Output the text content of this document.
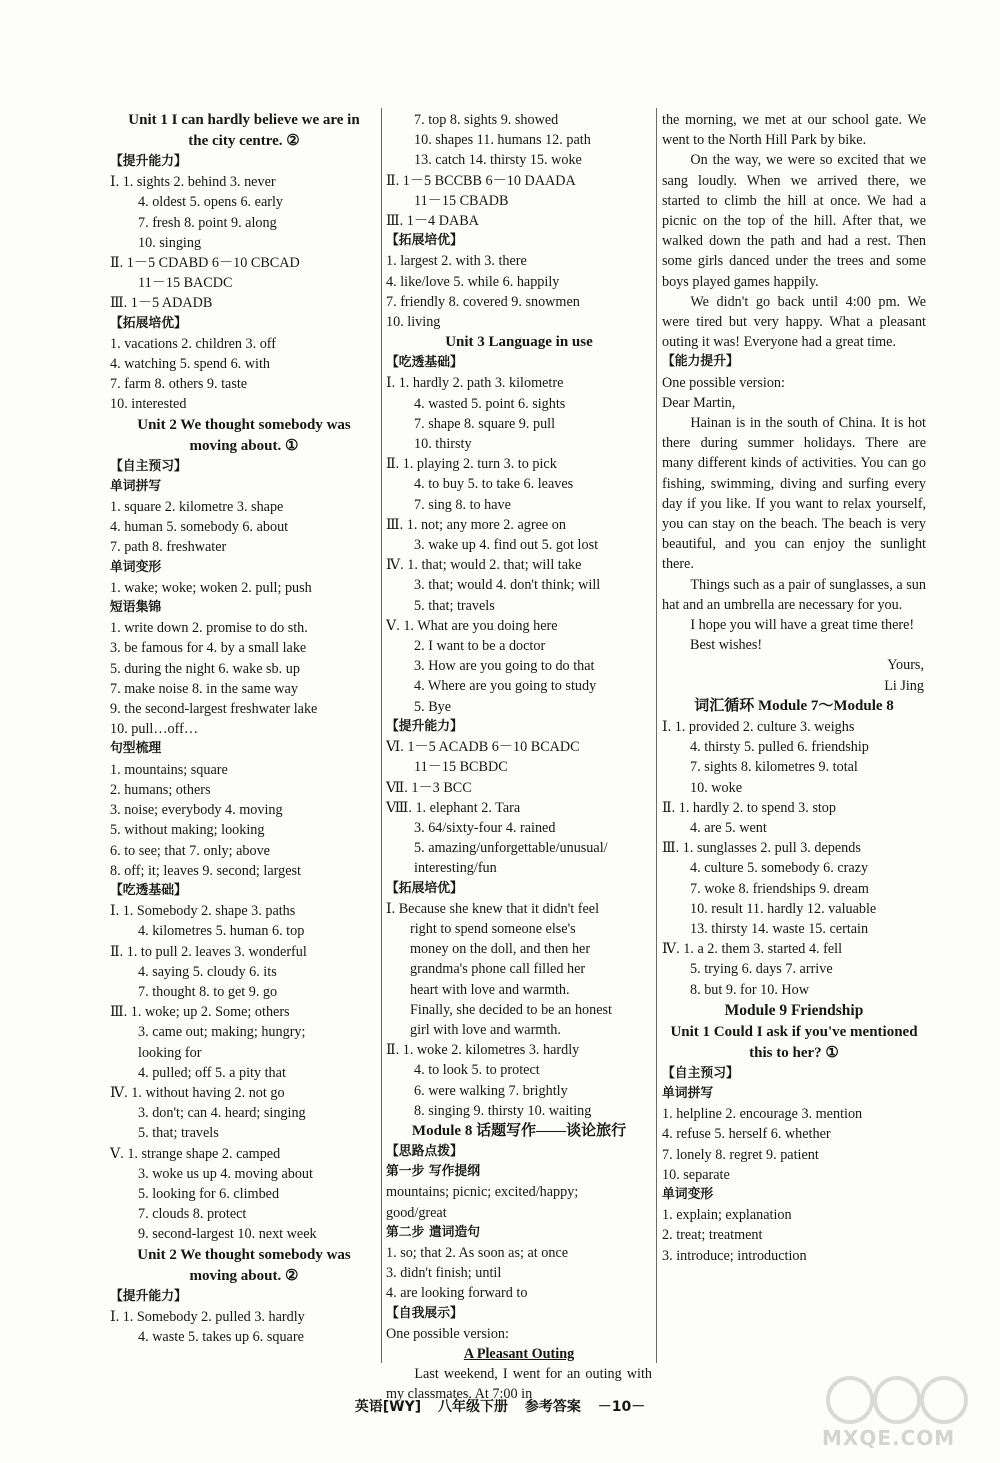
Unit 1 I can hardly believe we are in
the city centre. ②
【提升能力】
Ⅰ. 1. sights 2. behind 3. never
4. oldest 5. opens 6. early
7. fresh 8. point 9. along
10. singing
Ⅱ. 1－5 CDABD 6－10 CBCAD
11－15 BACDC
Ⅲ. 1－5 ADADB
【拓展培优】
1. vacations 2. children 3. off
4. watching 5. spend 6. with
7. farm 8. others 9. taste
10. interested
Unit 2 We thought somebody was
moving about. ①
【自主预习】
单词拼写
1. square 2. kilometre 3. shape
4. human 5. somebody 6. about
7. path 8. freshwater
单词变形
1. wake; woke; woken 2. pull; push
短语集锦
1. write down 2. promise to do sth.
3. be famous for 4. by a small lake
5. during the night 6. wake sb. up
7. make noise 8. in the same way
9. the second-largest freshwater lake
10. pull…off…
句型梳理
1. mountains; square
2. humans; others
3. noise; everybody 4. moving
5. without making; looking
6. to see; that 7. only; above
8. off; it; leaves 9. second; largest
【吃透基础】
Ⅰ. 1. Somebody 2. shape 3. paths
4. kilometres 5. human 6. top
Ⅱ. 1. to pull 2. leaves 3. wonderful
4. saying 5. cloudy 6. its
7. thought 8. to get 9. go
Ⅲ. 1. woke; up 2. Some; others
3. came out; making; hungry;
looking for
4. pulled; off 5. a pity that
Ⅳ. 1. without having 2. not go
3. don't; can 4. heard; singing
5. that; travels
Ⅴ. 1. strange shape 2. camped
3. woke us up 4. moving about
5. looking for 6. climbed
7. clouds 8. protect
9. second-largest 10. next week
Unit 2 We thought somebody was
moving about. ②
【提升能力】
Ⅰ. 1. Somebody 2. pulled 3. hardly
4. waste 5. takes up 6. square
7. top 8. sights 9. showed
10. shapes 11. humans 12. path
13. catch 14. thirsty 15. woke
Ⅱ. 1－5 BCCBB 6－10 DAADA
11－15 CBADB
Ⅲ. 1－4 DABA
【拓展培优】
1. largest 2. with 3. there
4. like/love 5. while 6. happily
7. friendly 8. covered 9. snowmen
10. living
Unit 3 Language in use
【吃透基础】
Ⅰ. 1. hardly 2. path 3. kilometre
4. wasted 5. point 6. sights
7. shape 8. square 9. pull
10. thirsty
Ⅱ. 1. playing 2. turn 3. to pick
4. to buy 5. to take 6. leaves
7. sing 8. to have
Ⅲ. 1. not; any more 2. agree on
3. wake up 4. find out 5. got lost
Ⅳ. 1. that; would 2. that; will take
3. that; would 4. don't think; will
5. that; travels
Ⅴ. 1. What are you doing here
2. I want to be a doctor
3. How are you going to do that
4. Where are you going to study
5. Bye
【提升能力】
Ⅵ. 1－5 ACADB 6－10 BCADC
11－15 BCBDC
Ⅶ. 1－3 BCC
Ⅷ. 1. elephant 2. Tara
3. 64/sixty-four 4. rained
5. amazing/unforgettable/unusual/
interesting/fun
【拓展培优】
Ⅰ. Because she knew that it didn't feel
right to spend someone else's
money on the doll, and then her
grandma's phone call filled her
heart with love and warmth.
Finally, she decided to be an honest
girl with love and warmth.
Ⅱ. 1. woke 2. kilometres 3. hardly
4. to look 5. to protect
6. were walking 7. brightly
8. singing 9. thirsty 10. waiting
Module 8 话题写作——谈论旅行
【思路点拨】
第一步 写作提纲
mountains; picnic; excited/happy;
good/great
第二步 遣词造句
1. so; that 2. As soon as; at once
3. didn't finish; until
4. are looking forward to
【自我展示】
One possible version:
A Pleasant Outing
Last weekend, I went for an outing with my classmates. At 7:00 in
the morning, we met at our school gate. We went to the North Hill Park by bike.
On the way, we were so excited that we sang loudly. When we arrived there, we started to climb the hill at once. We had a picnic on the top of the hill. After that, we walked down the path and had a rest. Then some girls danced under the trees and some boys played games happily.
We didn't go back until 4:00 pm. We were tired but very happy. What a pleasant outing it was! Everyone had a great time.
【能力提升】
One possible version:
Dear Martin,
Hainan is in the south of China. It is hot there during summer holidays. There are many different kinds of activities. You can go fishing, swimming, diving and surfing every day if you like. If you want to relax yourself, you can stay on the beach. The beach is very beautiful, and you can enjoy the sunlight there.
Things such as a pair of sunglasses, a sun hat and an umbrella are necessary for you.
I hope you will have a great time there!
Best wishes!
Yours,
Li Jing
词汇循环 Module 7～Module 8
Ⅰ. 1. provided 2. culture 3. weighs
4. thirsty 5. pulled 6. friendship
7. sights 8. kilometres 9. total
10. woke
Ⅱ. 1. hardly 2. to spend 3. stop
4. are 5. went
Ⅲ. 1. sunglasses 2. pull 3. depends
4. culture 5. somebody 6. crazy
7. woke 8. friendships 9. dream
10. result 11. hardly 12. valuable
13. thirsty 14. waste 15. certain
Ⅳ. 1. a 2. them 3. started 4. fell
5. trying 6. days 7. arrive
8. but 9. for 10. How
Module 9 Friendship
Unit 1 Could I ask if you've mentioned
this to her? ①
【自主预习】
单词拼写
1. helpline 2. encourage 3. mention
4. refuse 5. herself 6. whether
7. lonely 8. regret 9. patient
10. separate
单词变形
1. explain; explanation
2. treat; treatment
3. introduce; introduction
英语[WY] 八年级下册 参考答案 －10－
MXQE.COM
